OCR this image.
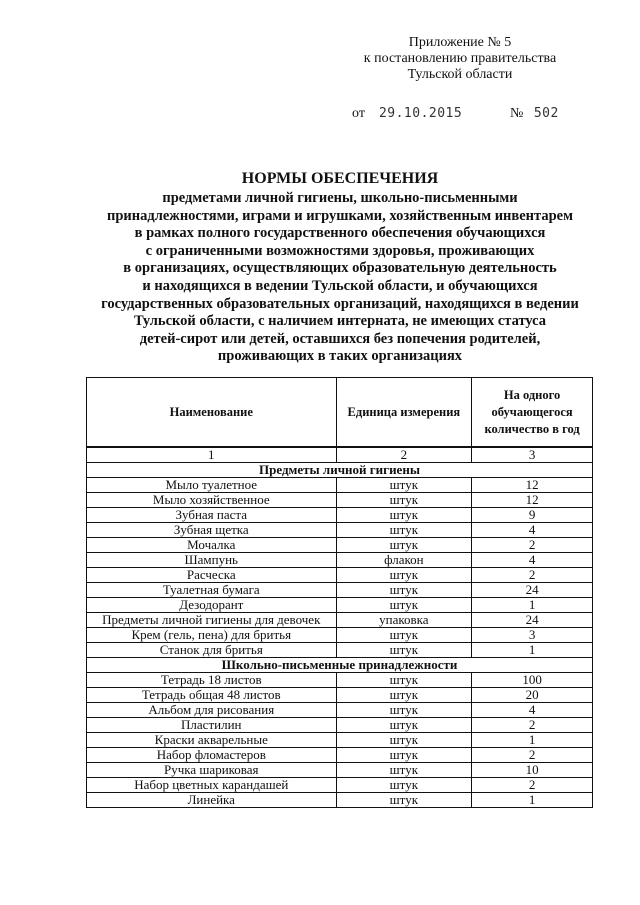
Приложение № 5
к постановлению правительства
Тульской области
от 29.10.2015	№ 502
НОРМЫ ОБЕСПЕЧЕНИЯ
предметами личной гигиены, школьно-письменными
принадлежностями, играми и игрушками, хозяйственным инвентарем
в рамках полного государственного обеспечения обучающихся
с ограниченными возможностями здоровья, проживающих
в организациях, осуществляющих образовательную деятельность
и находящихся в ведении Тульской области, и обучающихся
государственных образовательных организаций, находящихся в ведении
Тульской области, с наличием интерната, не имеющих статуса
детей-сирот или детей, оставшихся без попечения родителей,
проживающих в таких организациях
Наименование	Единица измерения	На одного обучающегося количество в год
1	2	3
Предметы личной гигиены		
Мыло туалетное	штук	12
Мыло хозяйственное	штук	12
Зубная паста	штук	9
Зубная щетка	штук	4
Мочалка	штук	2
Шампунь	флакон	4
Расческа	штук	2
Туалетная бумага	штук	24
Дезодорант	штук	1
Предметы личной гигиены для девочек	упаковка	24
Крем (гель, пена) для бритья	штук	3
Станок для бритья	штук	1
Школьно-письменные принадлежности		
Тетрадь 18 листов	штук	100
Тетрадь общая 48 листов	штук	20
Альбом для рисования	штук	4
Пластилин	штук	2
Краски акварельные	штук	1
Набор фломастеров	штук	2
Ручка шариковая	штук	10
Набор цветных карандашей	штук	2
Линейка	штук	1
